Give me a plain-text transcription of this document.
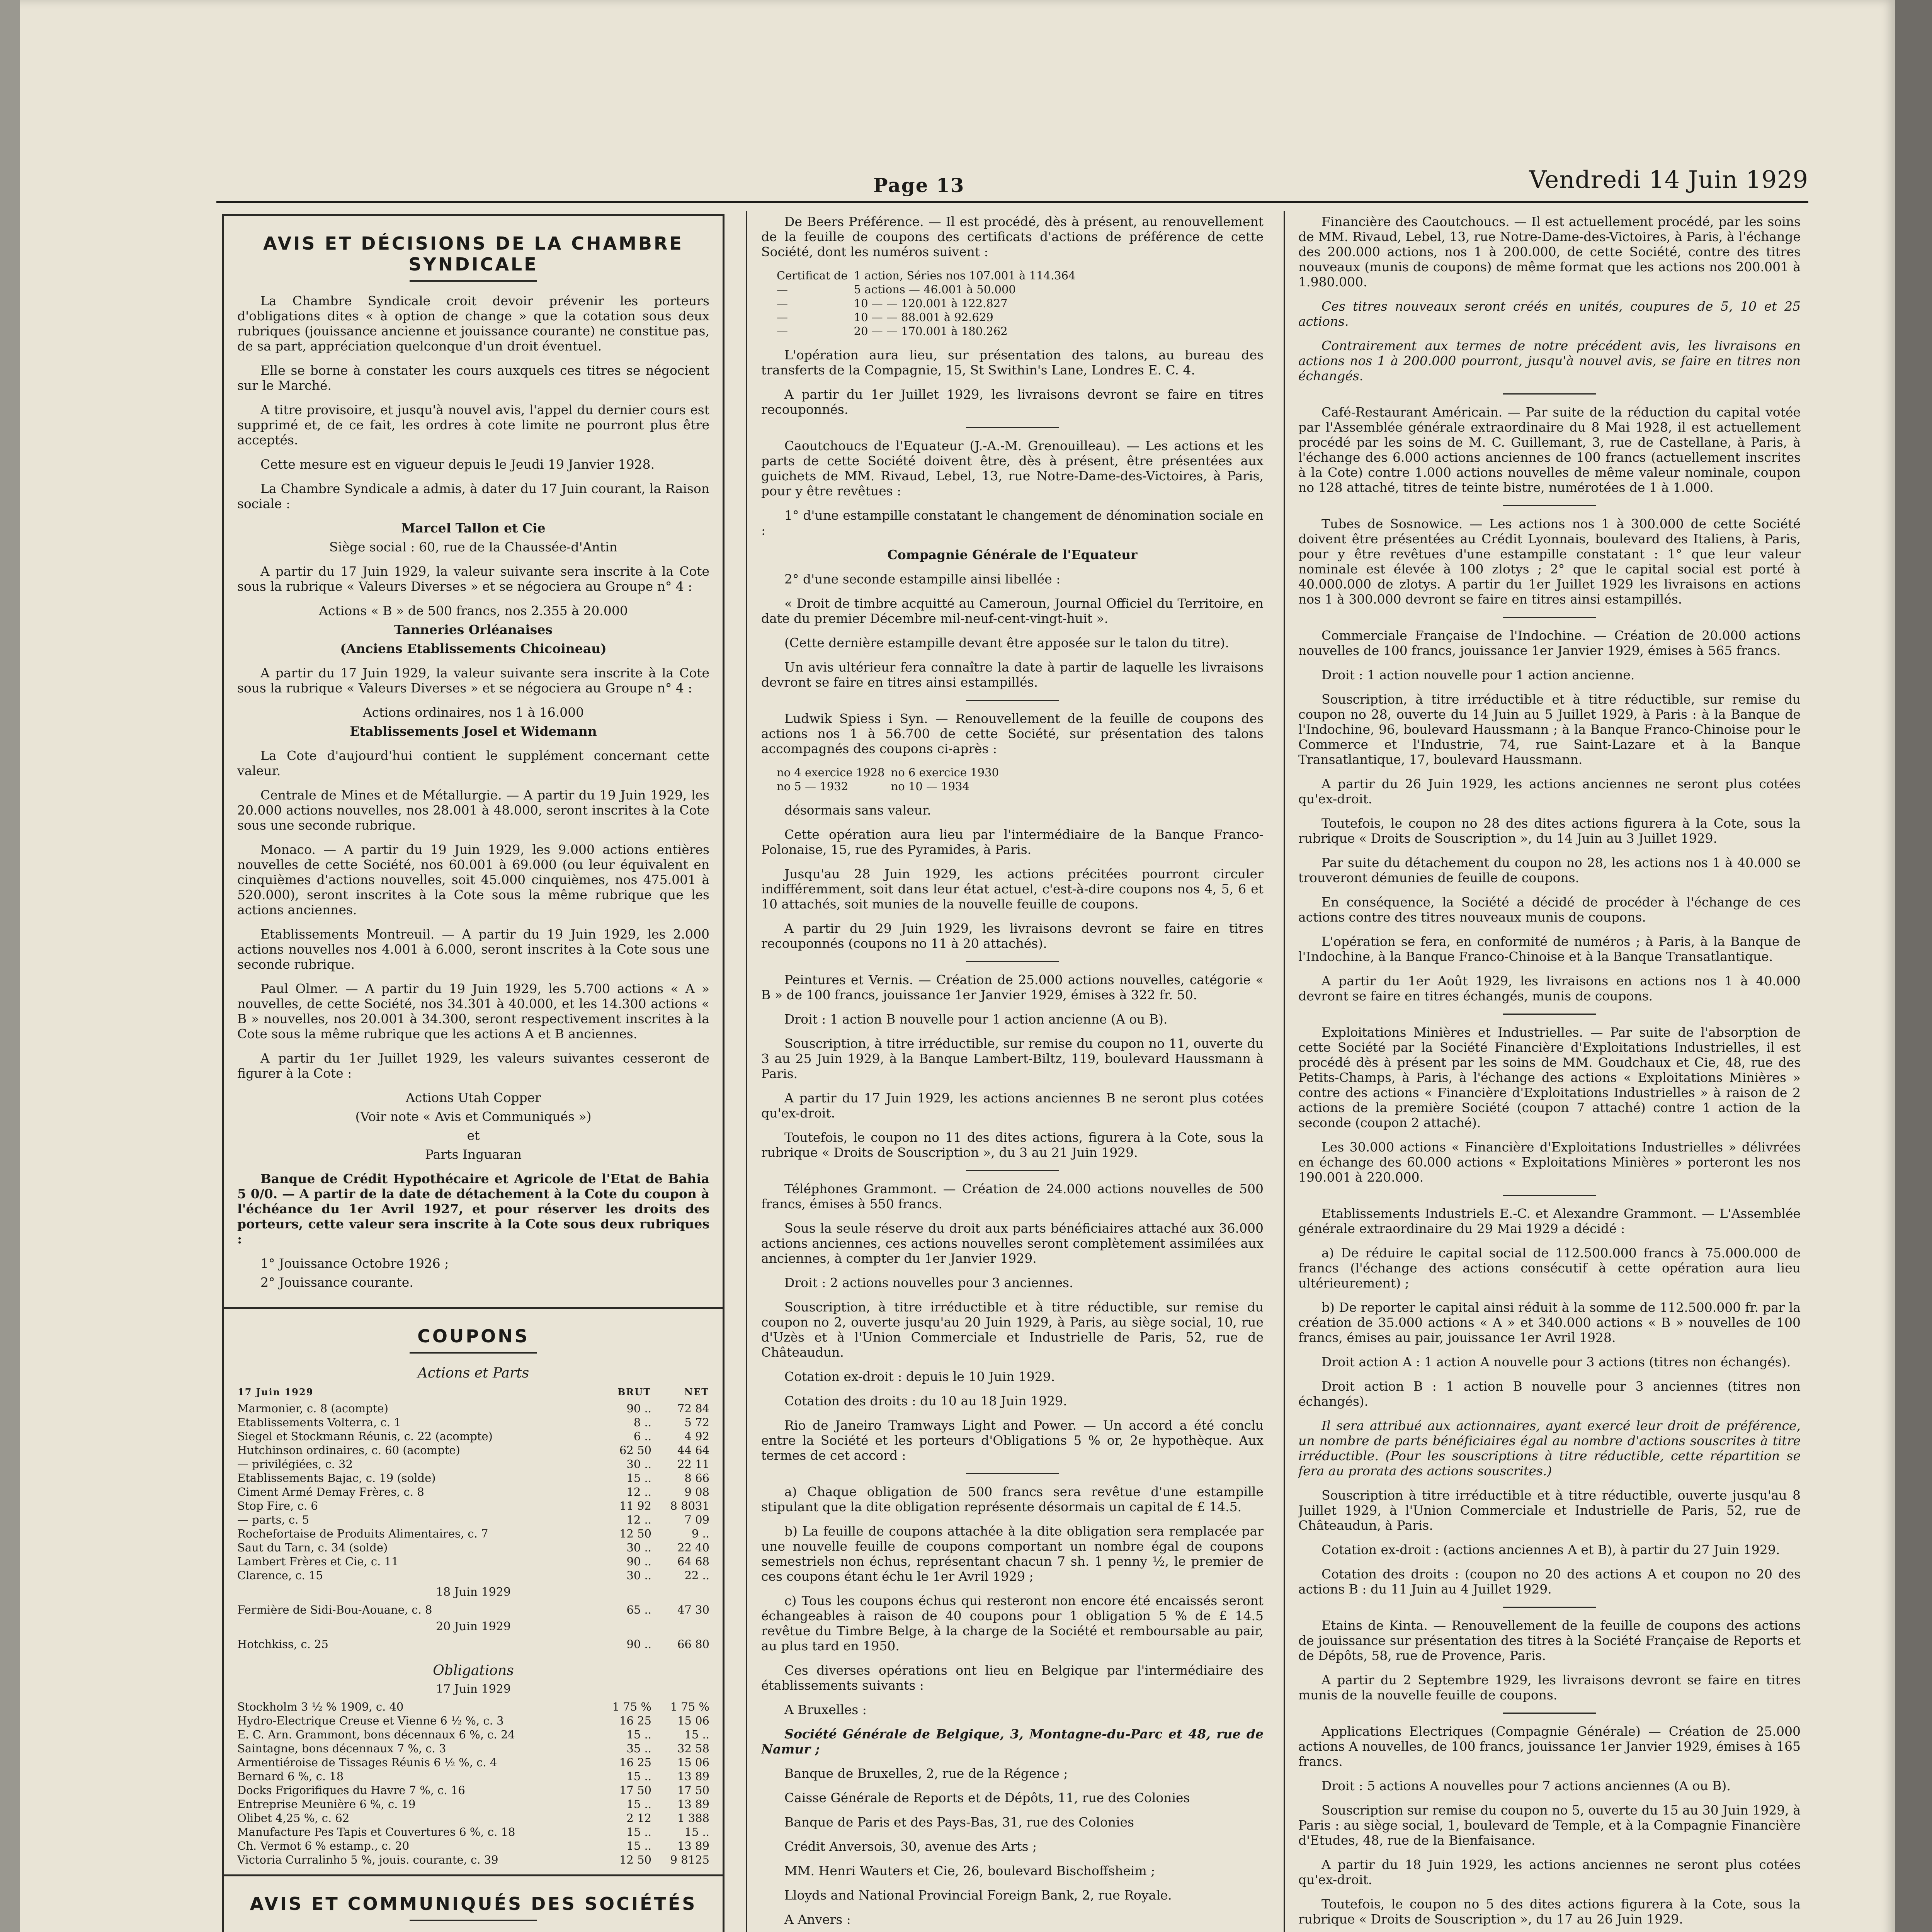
Page 13	Vendredi 14 Juin 1929
AVIS ET DÉCISIONS DE LA CHAMBRE SYNDICALE

La Chambre Syndicale croit devoir prévenir les porteurs d'obligations dites « à option de change » que la cotation sous deux rubriques (jouissance ancienne et jouissance courante) ne constitue pas, de sa part, appréciation quelconque d'un droit éventuel.

Elle se borne à constater les cours auxquels ces titres se négocient sur le Marché.

A titre provisoire, et jusqu'à nouvel avis, l'appel du dernier cours est supprimé et, de ce fait, les ordres à cote limite ne pourront plus être acceptés.

Cette mesure est en vigueur depuis le Jeudi 19 Janvier 1928.

La Chambre Syndicale a admis, à dater du 17 Juin courant, la Raison sociale :

Marcel Tallon et Cie

Siège social : 60, rue de la Chaussée-d'Antin

A partir du 17 Juin 1929, la valeur suivante sera inscrite à la Cote sous la rubrique « Valeurs Diverses » et se négociera au Groupe n° 4 :

Actions « B » de 500 francs, nos 2.355 à 20.000

Tanneries Orléanaises

(Anciens Etablissements Chicoineau)

A partir du 17 Juin 1929, la valeur suivante sera inscrite à la Cote sous la rubrique « Valeurs Diverses » et se négociera au Groupe n° 4 :

Actions ordinaires, nos 1 à 16.000

Etablissements Josel et Widemann

La Cote d'aujourd'hui contient le supplément concernant cette valeur.

Centrale de Mines et de Métallurgie. — A partir du 19 Juin 1929, les 20.000 actions nouvelles, nos 28.001 à 48.000, seront inscrites à la Cote sous une seconde rubrique.

Monaco. — A partir du 19 Juin 1929, les 9.000 actions entières nouvelles de cette Société, nos 60.001 à 69.000 (ou leur équivalent en cinquièmes d'actions nouvelles, soit 45.000 cinquièmes, nos 475.001 à 520.000), seront inscrites à la Cote sous la même rubrique que les actions anciennes.

Etablissements Montreuil. — A partir du 19 Juin 1929, les 2.000 actions nouvelles nos 4.001 à 6.000, seront inscrites à la Cote sous une seconde rubrique.

Paul Olmer. — A partir du 19 Juin 1929, les 5.700 actions « A » nouvelles, de cette Société, nos 34.301 à 40.000, et les 14.300 actions « B » nouvelles, nos 20.001 à 34.300, seront respectivement inscrites à la Cote sous la même rubrique que les actions A et B anciennes.

A partir du 1er Juillet 1929, les valeurs suivantes cesseront de figurer à la Cote :

Actions Utah Copper

(Voir note « Avis et Communiqués »)

et

Parts Inguaran

Banque de Crédit Hypothécaire et Agricole de l'Etat de Bahia 5 0/0. — A partir de la date de détachement à la Cote du coupon à l'échéance du 1er Avril 1927, et pour réserver les droits des porteurs, cette valeur sera inscrite à la Cote sous deux rubriques :

1° Jouissance Octobre 1926 ;

2° Jouissance courante.

COUPONS
Actions et Parts
17 Juin 1929	BRUT	NET
Marmonier, c. 8 (acompte)	90 ..	72 84
Etablissements Volterra, c. 1	8 ..	5 72
Siegel et Stockmann Réunis, c. 22 (acompte)	6 ..	4 92
Hutchinson ordinaires, c. 60 (acompte)	62 50	44 64
— privilégiées, c. 32	30 ..	22 11
Etablissements Bajac, c. 19 (solde)	15 ..	8 66
Ciment Armé Demay Frères, c. 8	12 ..	9 08
Stop Fire, c. 6	11 92	8 8031
— parts, c. 5	12 ..	7 09
Rochefortaise de Produits Alimentaires, c. 7	12 50	9 ..
Saut du Tarn, c. 34 (solde)	30 ..	22 40
Lambert Frères et Cie, c. 11	90 ..	64 68
Clarence, c. 15	30 ..	22 ..
18 Juin 1929
Fermière de Sidi-Bou-Aouane, c. 8	65 ..	47 30
20 Juin 1929
Hotchkiss, c. 25	90 ..	66 80
Obligations
17 Juin 1929
Stockholm 3 ½ % 1909, c. 40	1 75 %	1 75 %
Hydro-Electrique Creuse et Vienne 6 ½ %, c. 3	16 25	15 06
E. C. Arn. Grammont, bons décennaux 6 %, c. 24	15 ..	15 ..
Saintagne, bons décennaux 7 %, c. 3	35 ..	32 58
Armentiéroise de Tissages Réunis 6 ½ %, c. 4	16 25	15 06
Bernard 6 %, c. 18	15 ..	13 89
Docks Frigorifiques du Havre 7 %, c. 16	17 50	17 50
Entreprise Meunière 6 %, c. 19	15 ..	13 89
Olibet 4,25 %, c. 62	2 12	1 388
Manufacture Pes Tapis et Couvertures 6 %, c. 18	15 ..	15 ..
Ch. Vermot 6 % estamp., c. 20	15 ..	13 89
Victoria Curralinho 5 %, jouis. courante, c. 39	12 50	9 8125
AVIS ET COMMUNIQUÉS DES SOCIÉTÉS

De Beers Préférence. — Il est procédé, dès à présent, au renouvellement de la feuille de coupons des certificats d'actions de préférence de cette Société, dont les numéros suivent :

Certificat de	1 action, Séries nos 107.001 à 114.364
—	5 actions — 46.001 à 50.000
—	10 — — 120.001 à 122.827
—	10 — — 88.001 à 92.629
—	20 — — 170.001 à 180.262

L'opération aura lieu, sur présentation des talons, au bureau des transferts de la Compagnie, 15, St Swithin's Lane, Londres E. C. 4.

A partir du 1er Juillet 1929, les livraisons devront se faire en titres recouponnés.

Caoutchoucs de l'Equateur (J.-A.-M. Grenouilleau). — Les actions et les parts de cette Société doivent être, dès à présent, être présentées aux guichets de MM. Rivaud, Lebel, 13, rue Notre-Dame-des-Victoires, à Paris, pour y être revêtues :

1° d'une estampille constatant le changement de dénomination sociale en :

Compagnie Générale de l'Equateur

2° d'une seconde estampille ainsi libellée :

« Droit de timbre acquitté au Cameroun, Journal Officiel du Territoire, en date du premier Décembre mil-neuf-cent-vingt-huit ».

(Cette dernière estampille devant être apposée sur le talon du titre).

Un avis ultérieur fera connaître la date à partir de laquelle les livraisons devront se faire en titres ainsi estampillés.

Ludwik Spiess i Syn. — Renouvellement de la feuille de coupons des actions nos 1 à 56.700 de cette Société, sur présentation des talons accompagnés des coupons ci-après :

no 4 exercice 1928	no 6 exercice 1930
no 5 — 1932	no 10 — 1934

désormais sans valeur.

Cette opération aura lieu par l'intermédiaire de la Banque Franco-Polonaise, 15, rue des Pyramides, à Paris.

Jusqu'au 28 Juin 1929, les actions précitées pourront circuler indifféremment, soit dans leur état actuel, c'est-à-dire coupons nos 4, 5, 6 et 10 attachés, soit munies de la nouvelle feuille de coupons.

A partir du 29 Juin 1929, les livraisons devront se faire en titres recouponnés (coupons no 11 à 20 attachés).

Peintures et Vernis. — Création de 25.000 actions nouvelles, catégorie « B » de 100 francs, jouissance 1er Janvier 1929, émises à 322 fr. 50.

Droit : 1 action B nouvelle pour 1 action ancienne (A ou B).

Souscription, à titre irréductible, sur remise du coupon no 11, ouverte du 3 au 25 Juin 1929, à la Banque Lambert-Biltz, 119, boulevard Haussmann à Paris.

A partir du 17 Juin 1929, les actions anciennes B ne seront plus cotées qu'ex-droit.

Toutefois, le coupon no 11 des dites actions, figurera à la Cote, sous la rubrique « Droits de Souscription », du 3 au 21 Juin 1929.

Téléphones Grammont. — Création de 24.000 actions nouvelles de 500 francs, émises à 550 francs.

Sous la seule réserve du droit aux parts bénéficiaires attaché aux 36.000 actions anciennes, ces actions nouvelles seront complètement assimilées aux anciennes, à compter du 1er Janvier 1929.

Droit : 2 actions nouvelles pour 3 anciennes.

Souscription, à titre irréductible et à titre réductible, sur remise du coupon no 2, ouverte jusqu'au 20 Juin 1929, à Paris, au siège social, 10, rue d'Uzès et à l'Union Commerciale et Industrielle de Paris, 52, rue de Châteaudun.

Cotation ex-droit : depuis le 10 Juin 1929.

Cotation des droits : du 10 au 18 Juin 1929.

Rio de Janeiro Tramways Light and Power. — Un accord a été conclu entre la Société et les porteurs d'Obligations 5 % or, 2e hypothèque. Aux termes de cet accord :

a) Chaque obligation de 500 francs sera revêtue d'une estampille stipulant que la dite obligation représente désormais un capital de £ 14.5.

b) La feuille de coupons attachée à la dite obligation sera remplacée par une nouvelle feuille de coupons comportant un nombre égal de coupons semestriels non échus, représentant chacun 7 sh. 1 penny ½, le premier de ces coupons étant échu le 1er Avril 1929 ;

c) Tous les coupons échus qui resteront non encore été encaissés seront échangeables à raison de 40 coupons pour 1 obligation 5 % de £ 14.5 revêtue du Timbre Belge, à la charge de la Société et remboursable au pair, au plus tard en 1950.

Ces diverses opérations ont lieu en Belgique par l'intermédiaire des établissements suivants :

A Bruxelles :

Société Générale de Belgique, 3, Montagne-du-Parc et 48, rue de Namur ;

Banque de Bruxelles, 2, rue de la Régence ;

Caisse Générale de Reports et de Dépôts, 11, rue des Colonies

Banque de Paris et des Pays-Bas, 31, rue des Colonies

Crédit Anversois, 30, avenue des Arts ;

MM. Henri Wauters et Cie, 26, boulevard Bischoffsheim ;

Lloyds and National Provincial Foreign Bank, 2, rue Royale.

A Anvers :

Financière des Caoutchoucs. — Il est actuellement procédé, par les soins de MM. Rivaud, Lebel, 13, rue Notre-Dame-des-Victoires, à Paris, à l'échange des 200.000 actions, nos 1 à 200.000, de cette Société, contre des titres nouveaux (munis de coupons) de même format que les actions nos 200.001 à 1.980.000.

Ces titres nouveaux seront créés en unités, coupures de 5, 10 et 25 actions.

Contrairement aux termes de notre précédent avis, les livraisons en actions nos 1 à 200.000 pourront, jusqu'à nouvel avis, se faire en titres non échangés.

Café-Restaurant Américain. — Par suite de la réduction du capital votée par l'Assemblée générale extraordinaire du 8 Mai 1928, il est actuellement procédé par les soins de M. C. Guillemant, 3, rue de Castellane, à Paris, à l'échange des 6.000 actions anciennes de 100 francs (actuellement inscrites à la Cote) contre 1.000 actions nouvelles de même valeur nominale, coupon no 128 attaché, titres de teinte bistre, numérotées de 1 à 1.000.

Tubes de Sosnowice. — Les actions nos 1 à 300.000 de cette Société doivent être présentées au Crédit Lyonnais, boulevard des Italiens, à Paris, pour y être revêtues d'une estampille constatant : 1° que leur valeur nominale est élevée à 100 zlotys ; 2° que le capital social est porté à 40.000.000 de zlotys. A partir du 1er Juillet 1929 les livraisons en actions nos 1 à 300.000 devront se faire en titres ainsi estampillés.

Commerciale Française de l'Indochine. — Création de 20.000 actions nouvelles de 100 francs, jouissance 1er Janvier 1929, émises à 565 francs.

Droit : 1 action nouvelle pour 1 action ancienne.

Souscription, à titre irréductible et à titre réductible, sur remise du coupon no 28, ouverte du 14 Juin au 5 Juillet 1929, à Paris : à la Banque de l'Indochine, 96, boulevard Haussmann ; à la Banque Franco-Chinoise pour le Commerce et l'Industrie, 74, rue Saint-Lazare et à la Banque Transatlantique, 17, boulevard Haussmann.

A partir du 26 Juin 1929, les actions anciennes ne seront plus cotées qu'ex-droit.

Toutefois, le coupon no 28 des dites actions figurera à la Cote, sous la rubrique « Droits de Souscription », du 14 Juin au 3 Juillet 1929.

Par suite du détachement du coupon no 28, les actions nos 1 à 40.000 se trouveront démunies de feuille de coupons.

En conséquence, la Société a décidé de procéder à l'échange de ces actions contre des titres nouveaux munis de coupons.

L'opération se fera, en conformité de numéros ; à Paris, à la Banque de l'Indochine, à la Banque Franco-Chinoise et à la Banque Transatlantique.

A partir du 1er Août 1929, les livraisons en actions nos 1 à 40.000 devront se faire en titres échangés, munis de coupons.

Exploitations Minières et Industrielles. — Par suite de l'absorption de cette Société par la Société Financière d'Exploitations Industrielles, il est procédé dès à présent par les soins de MM. Goudchaux et Cie, 48, rue des Petits-Champs, à Paris, à l'échange des actions « Exploitations Minières » contre des actions « Financière d'Exploitations Industrielles » à raison de 2 actions de la première Société (coupon 7 attaché) contre 1 action de la seconde (coupon 2 attaché).

Les 30.000 actions « Financière d'Exploitations Industrielles » délivrées en échange des 60.000 actions « Exploitations Minières » porteront les nos 190.001 à 220.000.

Etablissements Industriels E.-C. et Alexandre Grammont. — L'Assemblée générale extraordinaire du 29 Mai 1929 a décidé :

a) De réduire le capital social de 112.500.000 francs à 75.000.000 de francs (l'échange des actions consécutif à cette opération aura lieu ultérieurement) ;

b) De reporter le capital ainsi réduit à la somme de 112.500.000 fr. par la création de 35.000 actions « A » et 340.000 actions « B » nouvelles de 100 francs, émises au pair, jouissance 1er Avril 1928.

Droit action A : 1 action A nouvelle pour 3 actions (titres non échangés).

Droit action B : 1 action B nouvelle pour 3 anciennes (titres non échangés).

Il sera attribué aux actionnaires, ayant exercé leur droit de préférence, un nombre de parts bénéficiaires égal au nombre d'actions souscrites à titre irréductible. (Pour les souscriptions à titre réductible, cette répartition se fera au prorata des actions souscrites.)

Souscription à titre irréductible et à titre réductible, ouverte jusqu'au 8 Juillet 1929, à l'Union Commerciale et Industrielle de Paris, 52, rue de Châteaudun, à Paris.

Cotation ex-droit : (actions anciennes A et B), à partir du 27 Juin 1929.

Cotation des droits : (coupon no 20 des actions A et coupon no 20 des actions B : du 11 Juin au 4 Juillet 1929.

Etains de Kinta. — Renouvellement de la feuille de coupons des actions de jouissance sur présentation des titres à la Société Française de Reports et de Dépôts, 58, rue de Provence, Paris.

A partir du 2 Septembre 1929, les livraisons devront se faire en titres munis de la nouvelle feuille de coupons.

Applications Electriques (Compagnie Générale) — Création de 25.000 actions A nouvelles, de 100 francs, jouissance 1er Janvier 1929, émises à 165 francs.

Droit : 5 actions A nouvelles pour 7 actions anciennes (A ou B).

Souscription sur remise du coupon no 5, ouverte du 15 au 30 Juin 1929, à Paris : au siège social, 1, boulevard de Temple, et à la Compagnie Financière d'Etudes, 48, rue de la Bienfaisance.

A partir du 18 Juin 1929, les actions anciennes ne seront plus cotées qu'ex-droit.

Toutefois, le coupon no 5 des dites actions figurera à la Cote, sous la rubrique « Droits de Souscription », du 17 au 26 Juin 1929.
